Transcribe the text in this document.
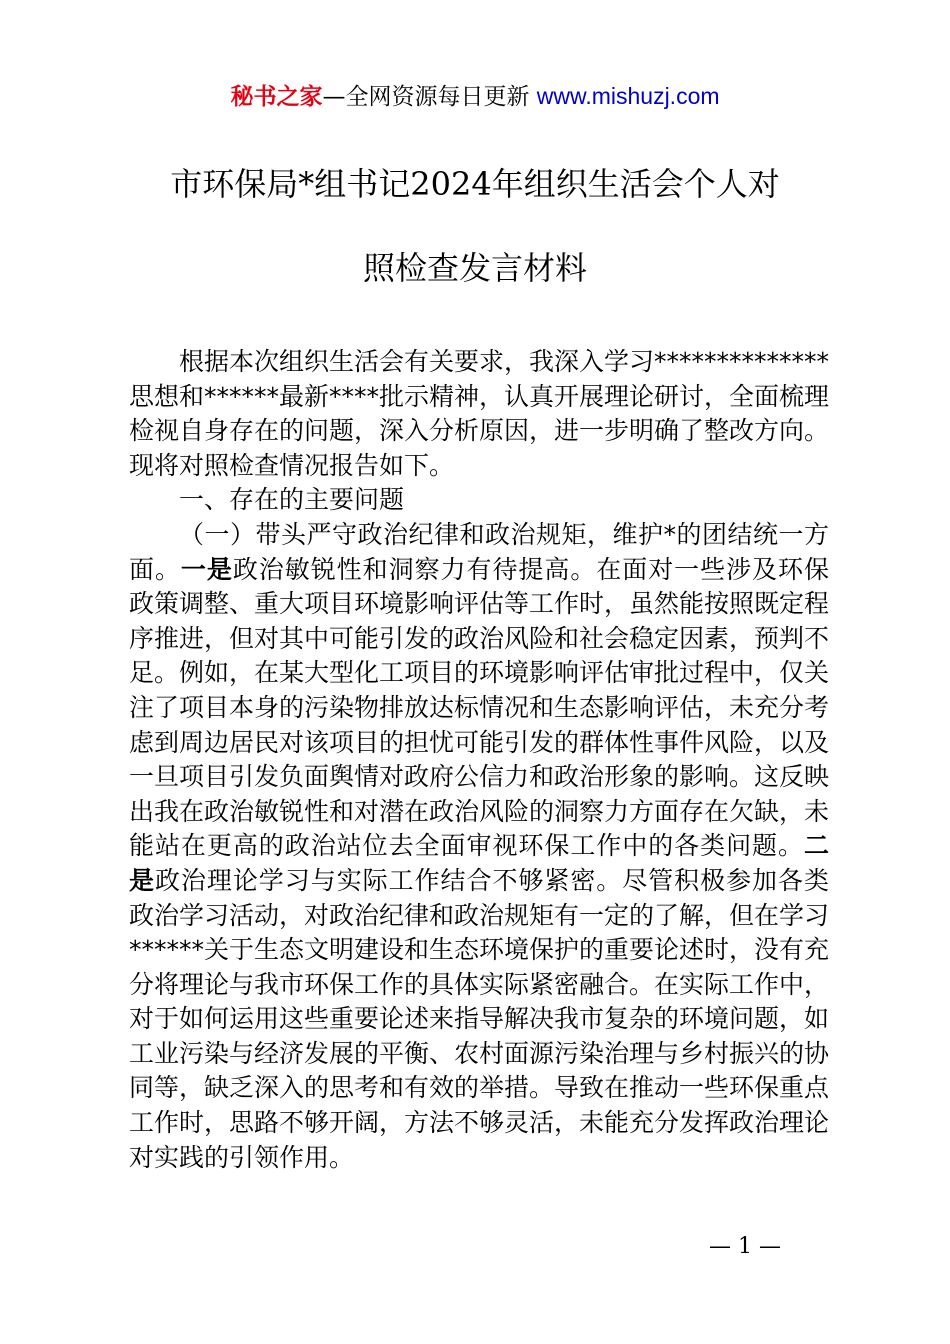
秘书之家—全网资源每日更新 www.mishuzj.com
市环保局*组书记2024年组织生活会个人对
照检查发言材料

根据本次组织生活会有关要求，我深入学习**************思想和******最新****批示精神，认真开展理论研讨，全面梳理检视自身存在的问题，深入分析原因，进一步明确了整改方向。现将对照检查情况报告如下。

一、存在的主要问题

（一）带头严守政治纪律和政治规矩，维护*的团结统一方面。一是政治敏锐性和洞察力有待提高。在面对一些涉及环保政策调整、重大项目环境影响评估等工作时，虽然能按照既定程序推进，但对其中可能引发的政治风险和社会稳定因素，预判不足。例如，在某大型化工项目的环境影响评估审批过程中，仅关注了项目本身的污染物排放达标情况和生态影响评估，未充分考虑到周边居民对该项目的担忧可能引发的群体性事件风险，以及一旦项目引发负面舆情对政府公信力和政治形象的影响。这反映出我在政治敏锐性和对潜在政治风险的洞察力方面存在欠缺，未能站在更高的政治站位去全面审视环保工作中的各类问题。二是政治理论学习与实际工作结合不够紧密。尽管积极参加各类政治学习活动，对政治纪律和政治规矩有一定的了解，但在学习******关于生态文明建设和生态环境保护的重要论述时，没有充分将理论与我市环保工作的具体实际紧密融合。在实际工作中，对于如何运用这些重要论述来指导解决我市复杂的环境问题，如工业污染与经济发展的平衡、农村面源污染治理与乡村振兴的协同等，缺乏深入的思考和有效的举措。导致在推动一些环保重点工作时，思路不够开阔，方法不够灵活，未能充分发挥政治理论对实践的引领作用。

— 1 —
